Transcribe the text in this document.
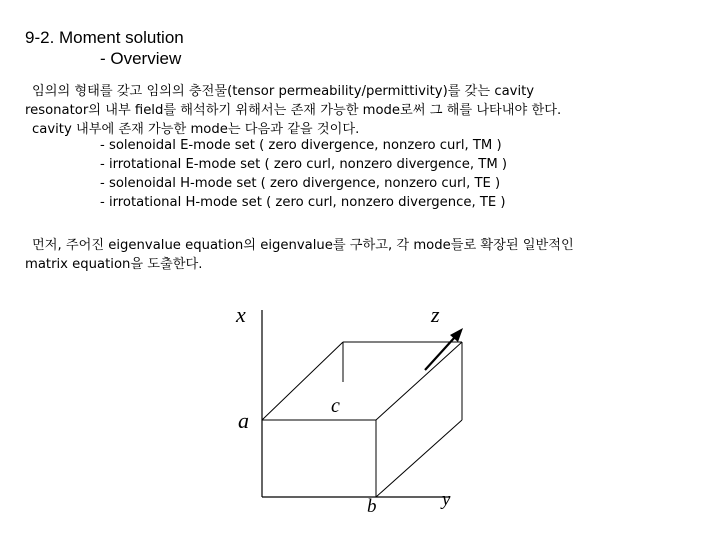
9-2. Moment solution
- Overview
임의의 형태를 갖고 임의의 충전물(tensor permeability/permittivity)를 갖는 cavity
resonator의 내부 field를 해석하기 위해서는 존재 가능한 mode로써 그 해를 나타내야 한다.
cavity 내부에 존재 가능한 mode는 다음과 같을 것이다.
- solenoidal E-mode set ( zero divergence, nonzero curl, TM )
- irrotational E-mode set ( zero curl, nonzero divergence, TM )
- solenoidal H-mode set ( zero divergence, nonzero curl, TE )
- irrotational H-mode set ( zero curl, nonzero divergence, TE )
먼저, 주어진 eigenvalue equation의 eigenvalue를 구하고, 각 mode들로 확장된 일반적인
matrix equation을 도출한다.
x
y
z
a
b
c
